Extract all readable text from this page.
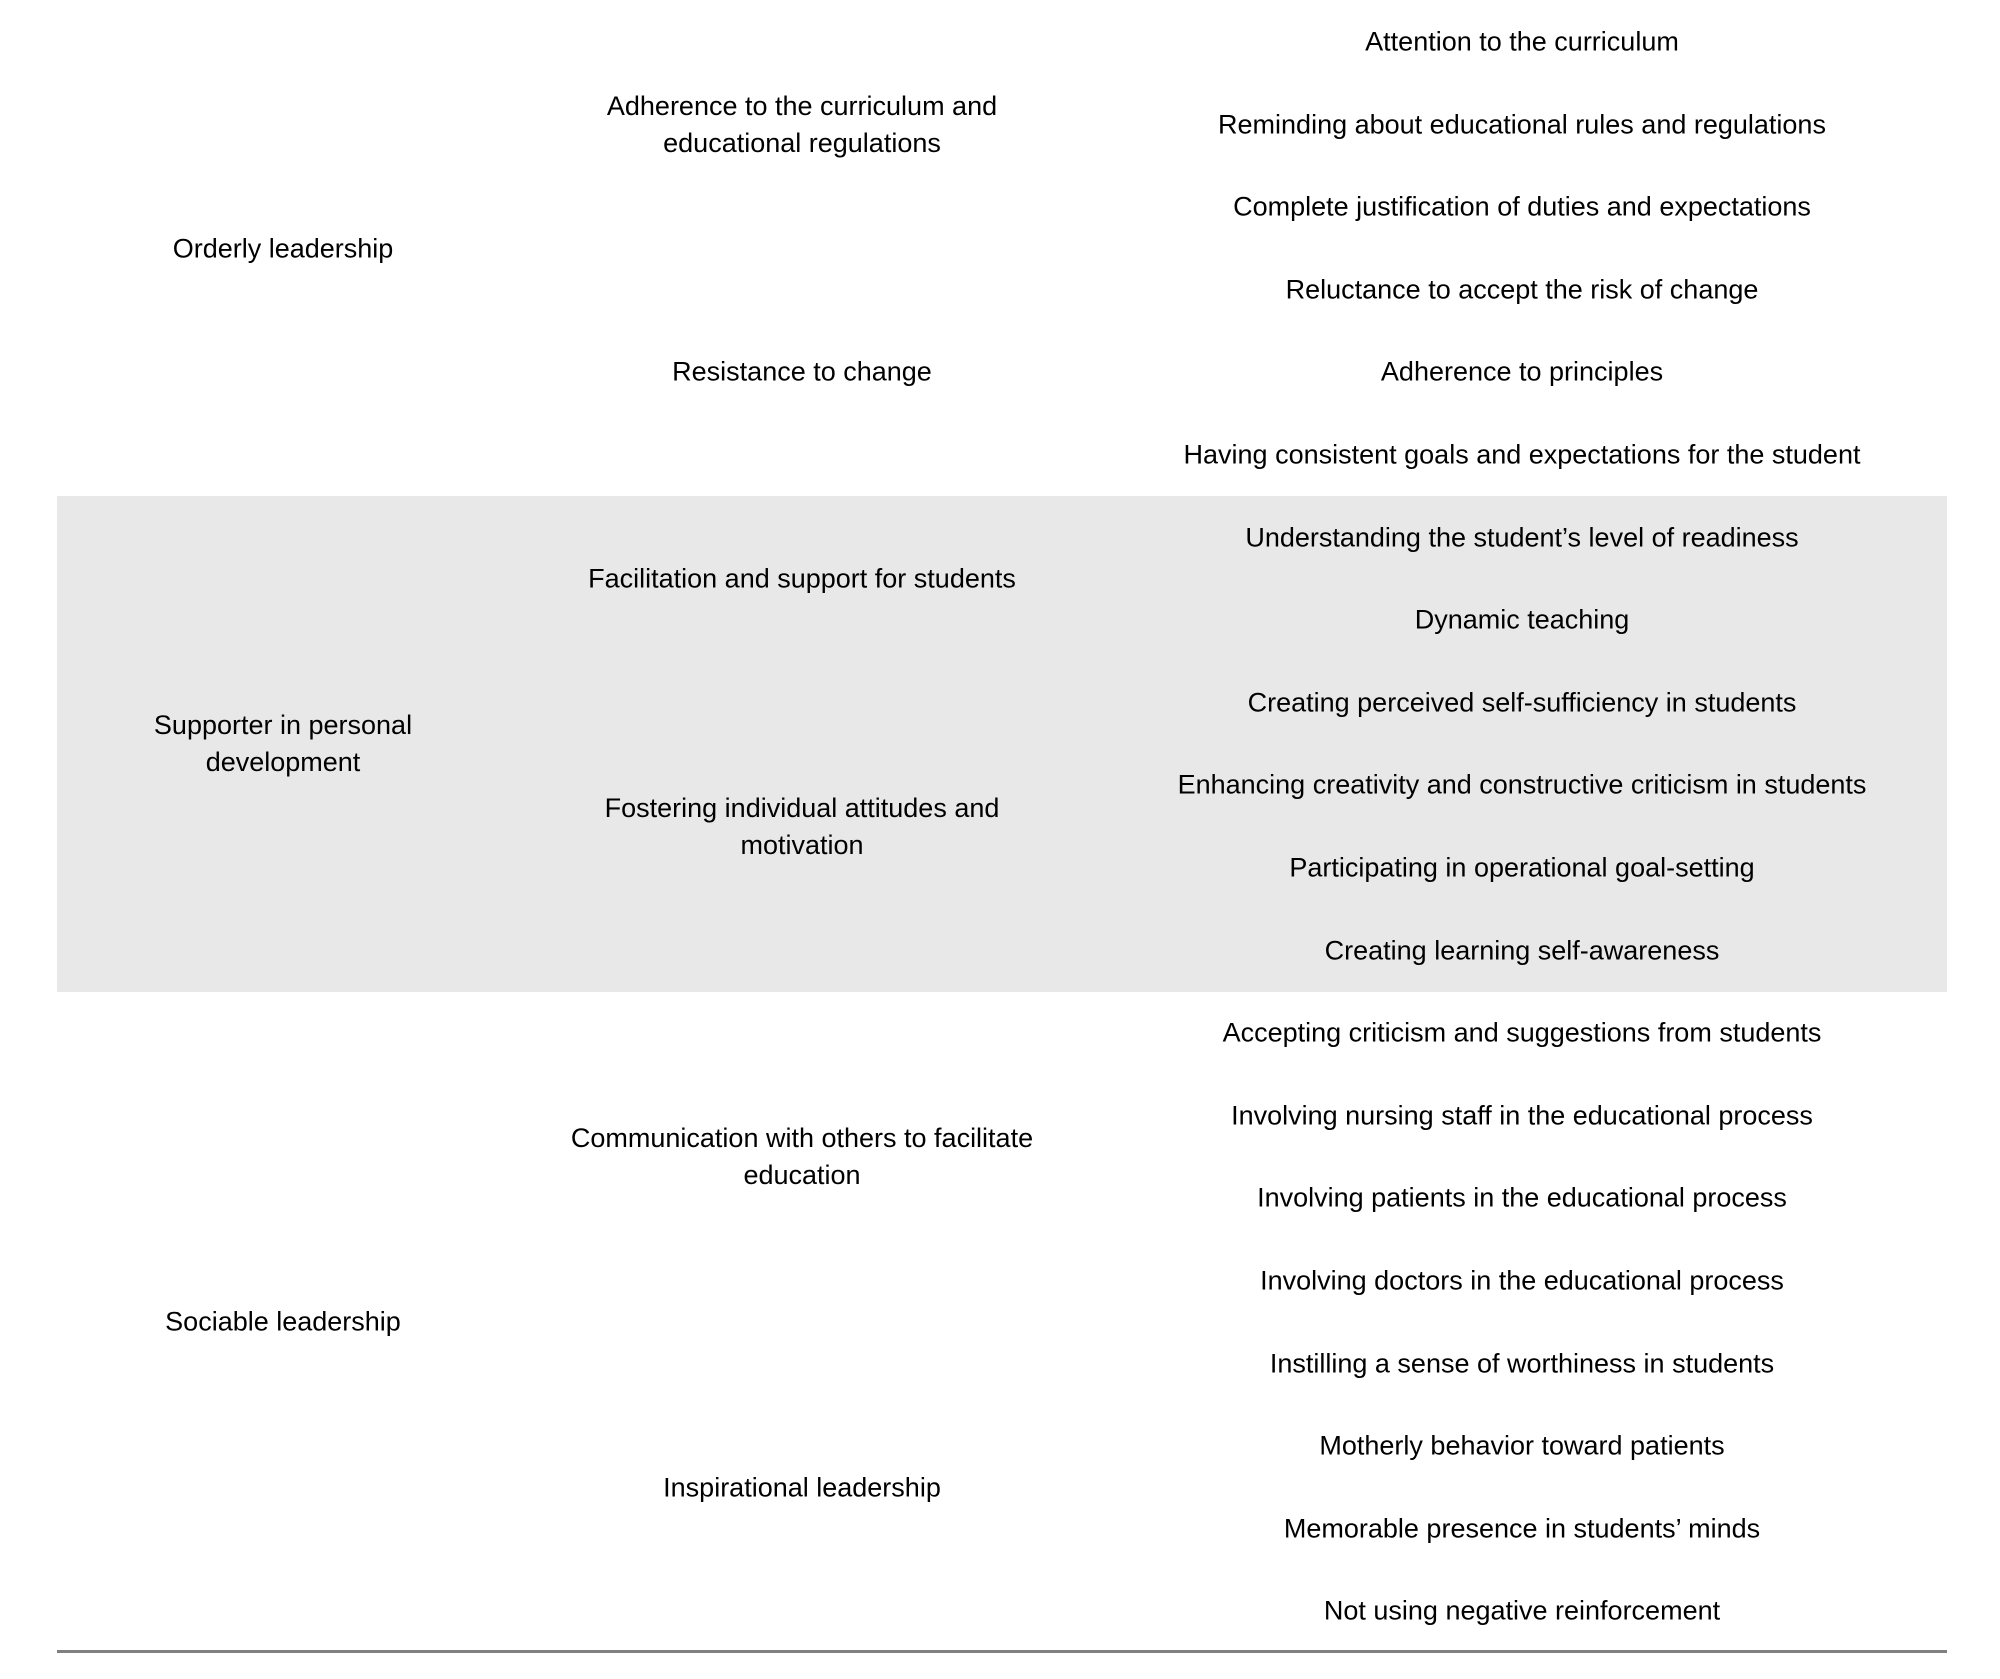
Attention to the curriculum
Reminding about educational rules and regulations
Complete justification of duties and expectations
Adherence to the curriculum and
educational regulations
Reluctance to accept the risk of change
Adherence to principles
Having consistent goals and expectations for the student
Resistance to change
Orderly leadership
Understanding the student’s level of readiness
Dynamic teaching
Facilitation and support for students
Creating perceived self-sufficiency in students
Enhancing creativity and constructive criticism in students
Participating in operational goal-setting
Creating learning self-awareness
Fostering individual attitudes and
motivation
Supporter in personal
development
Accepting criticism and suggestions from students
Involving nursing staff in the educational process
Involving patients in the educational process
Involving doctors in the educational process
Communication with others to facilitate
education
Instilling a sense of worthiness in students
Motherly behavior toward patients
Memorable presence in students’ minds
Not using negative reinforcement
Inspirational leadership
Sociable leadership
